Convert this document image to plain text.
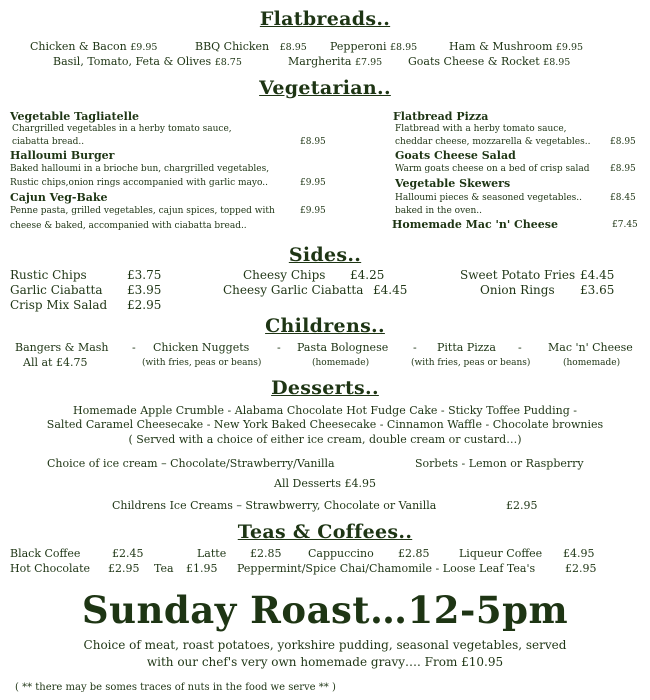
Flatbreads..
Chicken & Bacon £9.95	BBQ Chicken £8.95 Pepperoni £8.95	Ham & Mushroom £9.95
Basil, Tomato, Feta & Olives £8.75	Margherita £7.95 Goats Cheese & Rocket £8.95
Vegetarian..
Vegetable Tagliatelle
Chargrilled vegetables in a herby tomato sauce,
ciabatta bread..	£8.95
Halloumi Burger
Baked halloumi in a brioche bun, chargrilled vegetables,
Rustic chips,onion rings accompanied with garlic mayo..	£9.95
Cajun Veg-Bake
Penne pasta, grilled vegetables, cajun spices, topped with
cheese & baked, accompanied with ciabatta bread..
£9.95
Flatbread Pizza
Flatbread with a herby tomato sauce,
cheddar cheese, mozzarella & vegetables.. £8.95
Goats Cheese Salad
Warm goats cheese on a bed of crisp salad £8.95
Vegetable Skewers
Halloumi pieces & seasoned vegetables..
baked in the oven..
£8.45
Homemade Mac 'n' Cheese	£7.45
Sides..
Rustic Chips	£3.75	Cheesy Chips £4.25	Sweet Potato Fries £4.45
Garlic Ciabatta £3.95	Cheesy Garlic Ciabatta £4.45	Onion Rings £3.65
Crisp Mix Salad £2.95
Childrens..
Bangers & Mash - Chicken Nuggets	- Pasta Bolognese - Pitta Pizza - Mac 'n' Cheese
All at £4.75	(with fries, peas or beans)	(homemade)	(with fries, peas or beans)	(homemade)
Desserts..
Homemade Apple Crumble - Alabama Chocolate Hot Fudge Cake - Sticky Toffee Pudding -
Salted Caramel Cheesecake - New York Baked Cheesecake - Cinnamon Waffle - Chocolate brownies
( Served with a choice of either ice cream, double cream or custard…)
Choice of ice cream – Chocolate/Strawberry/Vanilla	Sorbets - Lemon or Raspberry
All Desserts £4.95
Childrens Ice Creams – Strawbwerry, Chocolate or Vanilla	£2.95
Teas & Coffees..
Black Coffee	£2.45	Latte £2.85 Cappuccino £2.85	Liqueur Coffee £4.95
Hot Chocolate £2.95 Tea £1.95 Peppermint/Spice Chai/Chamomile - Loose Leaf Tea's	£2.95
Sunday Roast…12-5pm
Choice of meat, roast potatoes, yorkshire pudding, seasonal vegetables, served
with our chef's very own homemade gravy…. From £10.95
( ** there may be somes traces of nuts in the food we serve ** )
